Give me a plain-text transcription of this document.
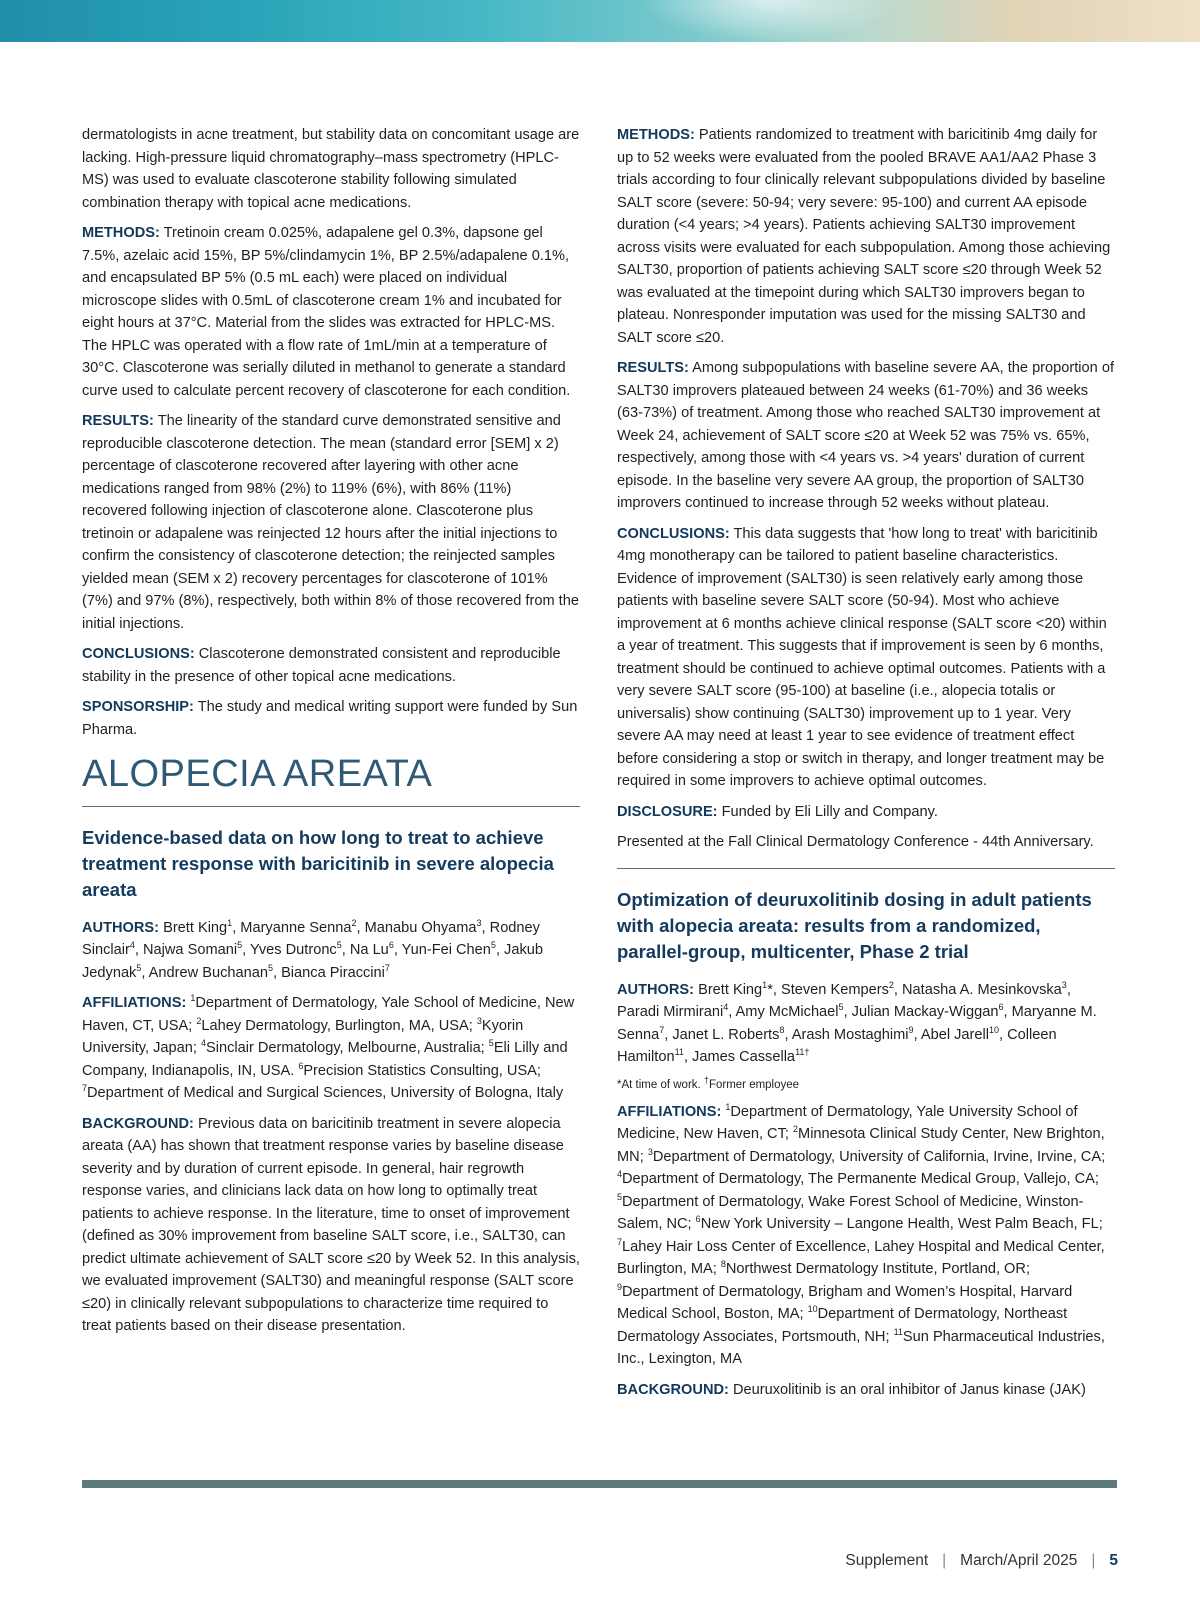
dermatologists in acne treatment, but stability data on concomitant usage are lacking. High-pressure liquid chromatography–mass spectrometry (HPLC-MS) was used to evaluate clascoterone stability following simulated combination therapy with topical acne medications.

METHODS: Tretinoin cream 0.025%, adapalene gel 0.3%, dapsone gel 7.5%, azelaic acid 15%, BP 5%/clindamycin 1%, BP 2.5%/adapalene 0.1%, and encapsulated BP 5% (0.5 mL each) were placed on individual microscope slides with 0.5mL of clascoterone cream 1% and incubated for eight hours at 37°C. Material from the slides was extracted for HPLC-MS. The HPLC was operated with a flow rate of 1mL/min at a temperature of 30°C. Clascoterone was serially diluted in methanol to generate a standard curve used to calculate percent recovery of clascoterone for each condition.

RESULTS: The linearity of the standard curve demonstrated sensitive and reproducible clascoterone detection. The mean (standard error [SEM] x 2) percentage of clascoterone recovered after layering with other acne medications ranged from 98% (2%) to 119% (6%), with 86% (11%) recovered following injection of clascoterone alone. Clascoterone plus tretinoin or adapalene was reinjected 12 hours after the initial injections to confirm the consistency of clascoterone detection; the reinjected samples yielded mean (SEM x 2) recovery percentages for clascoterone of 101% (7%) and 97% (8%), respectively, both within 8% of those recovered from the initial injections.

CONCLUSIONS: Clascoterone demonstrated consistent and reproducible stability in the presence of other topical acne medications.

SPONSORSHIP: The study and medical writing support were funded by Sun Pharma.

ALOPECIA AREATA
Evidence-based data on how long to treat to achieve treatment response with baricitinib in severe alopecia areata

AUTHORS: Brett King$^1$, Maryanne Senna$^2$, Manabu Ohyama$^3$, Rodney Sinclair$^4$, Najwa Somani$^5$, Yves Dutronc$^5$, Na Lu$^6$, Yun-Fei Chen$^5$, Jakub Jedynak$^5$, Andrew Buchanan$^5$, Bianca Piraccini$^7$

AFFILIATIONS: $^1$Department of Dermatology, Yale School of Medicine, New Haven, CT, USA; $^2$Lahey Dermatology, Burlington, MA, USA; $^3$Kyorin University, Japan; $^4$Sinclair Dermatology, Melbourne, Australia; $^5$Eli Lilly and Company, Indianapolis, IN, USA. $^6$Precision Statistics Consulting, USA; $^7$Department of Medical and Surgical Sciences, University of Bologna, Italy

BACKGROUND: Previous data on baricitinib treatment in severe alopecia areata (AA) has shown that treatment response varies by baseline disease severity and by duration of current episode. In general, hair regrowth response varies, and clinicians lack data on how long to optimally treat patients to achieve response. In the literature, time to onset of improvement (defined as 30% improvement from baseline SALT score, i.e., SALT30, can predict ultimate achievement of SALT score ≤20 by Week 52. In this analysis, we evaluated improvement (SALT30) and meaningful response (SALT score ≤20) in clinically relevant subpopulations to characterize time required to treat patients based on their disease presentation.

METHODS: Patients randomized to treatment with baricitinib 4mg daily for up to 52 weeks were evaluated from the pooled BRAVE AA1/AA2 Phase 3 trials according to four clinically relevant subpopulations divided by baseline SALT score (severe: 50-94; very severe: 95-100) and current AA episode duration (<4 years; >4 years). Patients achieving SALT30 improvement across visits were evaluated for each subpopulation. Among those achieving SALT30, proportion of patients achieving SALT score ≤20 through Week 52 was evaluated at the timepoint during which SALT30 improvers began to plateau. Nonresponder imputation was used for the missing SALT30 and SALT score ≤20.

RESULTS: Among subpopulations with baseline severe AA, the proportion of SALT30 improvers plateaued between 24 weeks (61-70%) and 36 weeks (63-73%) of treatment. Among those who reached SALT30 improvement at Week 24, achievement of SALT score ≤20 at Week 52 was 75% vs. 65%, respectively, among those with <4 years vs. >4 years' duration of current episode. In the baseline very severe AA group, the proportion of SALT30 improvers continued to increase through 52 weeks without plateau.

CONCLUSIONS: This data suggests that 'how long to treat' with baricitinib 4mg monotherapy can be tailored to patient baseline characteristics. Evidence of improvement (SALT30) is seen relatively early among those patients with baseline severe SALT score (50-94). Most who achieve improvement at 6 months achieve clinical response (SALT score <20) within a year of treatment. This suggests that if improvement is seen by 6 months, treatment should be continued to achieve optimal outcomes. Patients with a very severe SALT score (95-100) at baseline (i.e., alopecia totalis or universalis) show continuing (SALT30) improvement up to 1 year. Very severe AA may need at least 1 year to see evidence of treatment effect before considering a stop or switch in therapy, and longer treatment may be required in some improvers to achieve optimal outcomes.

DISCLOSURE: Funded by Eli Lilly and Company.

Presented at the Fall Clinical Dermatology Conference - 44th Anniversary.

Optimization of deuruxolitinib dosing in adult patients with alopecia areata: results from a randomized, parallel-group, multicenter, Phase 2 trial

AUTHORS: Brett King$^1$*, Steven Kempers$^2$, Natasha A. Mesinkovska$^3$, Paradi Mirmirani$^4$, Amy McMichael$^5$, Julian Mackay-Wiggan$^6$, Maryanne M. Senna$^7$, Janet L. Roberts$^8$, Arash Mostaghimi$^9$, Abel Jarell$^{10}$, Colleen Hamilton$^{11}$, James Cassella$^{11\dagger}$

*At time of work. †Former employee

AFFILIATIONS: $^1$Department of Dermatology, Yale University School of Medicine, New Haven, CT; $^2$Minnesota Clinical Study Center, New Brighton, MN; $^3$Department of Dermatology, University of California, Irvine, Irvine, CA; $^4$Department of Dermatology, The Permanente Medical Group, Vallejo, CA; $^5$Department of Dermatology, Wake Forest School of Medicine, Winston-Salem, NC; $^6$New York University – Langone Health, West Palm Beach, FL; $^7$Lahey Hair Loss Center of Excellence, Lahey Hospital and Medical Center, Burlington, MA; $^8$Northwest Dermatology Institute, Portland, OR; $^9$Department of Dermatology, Brigham and Women’s Hospital, Harvard Medical School, Boston, MA; $^{10}$Department of Dermatology, Northeast Dermatology Associates, Portsmouth, NH; $^{11}$Sun Pharmaceutical Industries, Inc., Lexington, MA

BACKGROUND: Deuruxolitinib is an oral inhibitor of Janus kinase (JAK)

Supplement | March/April 2025 | 5
